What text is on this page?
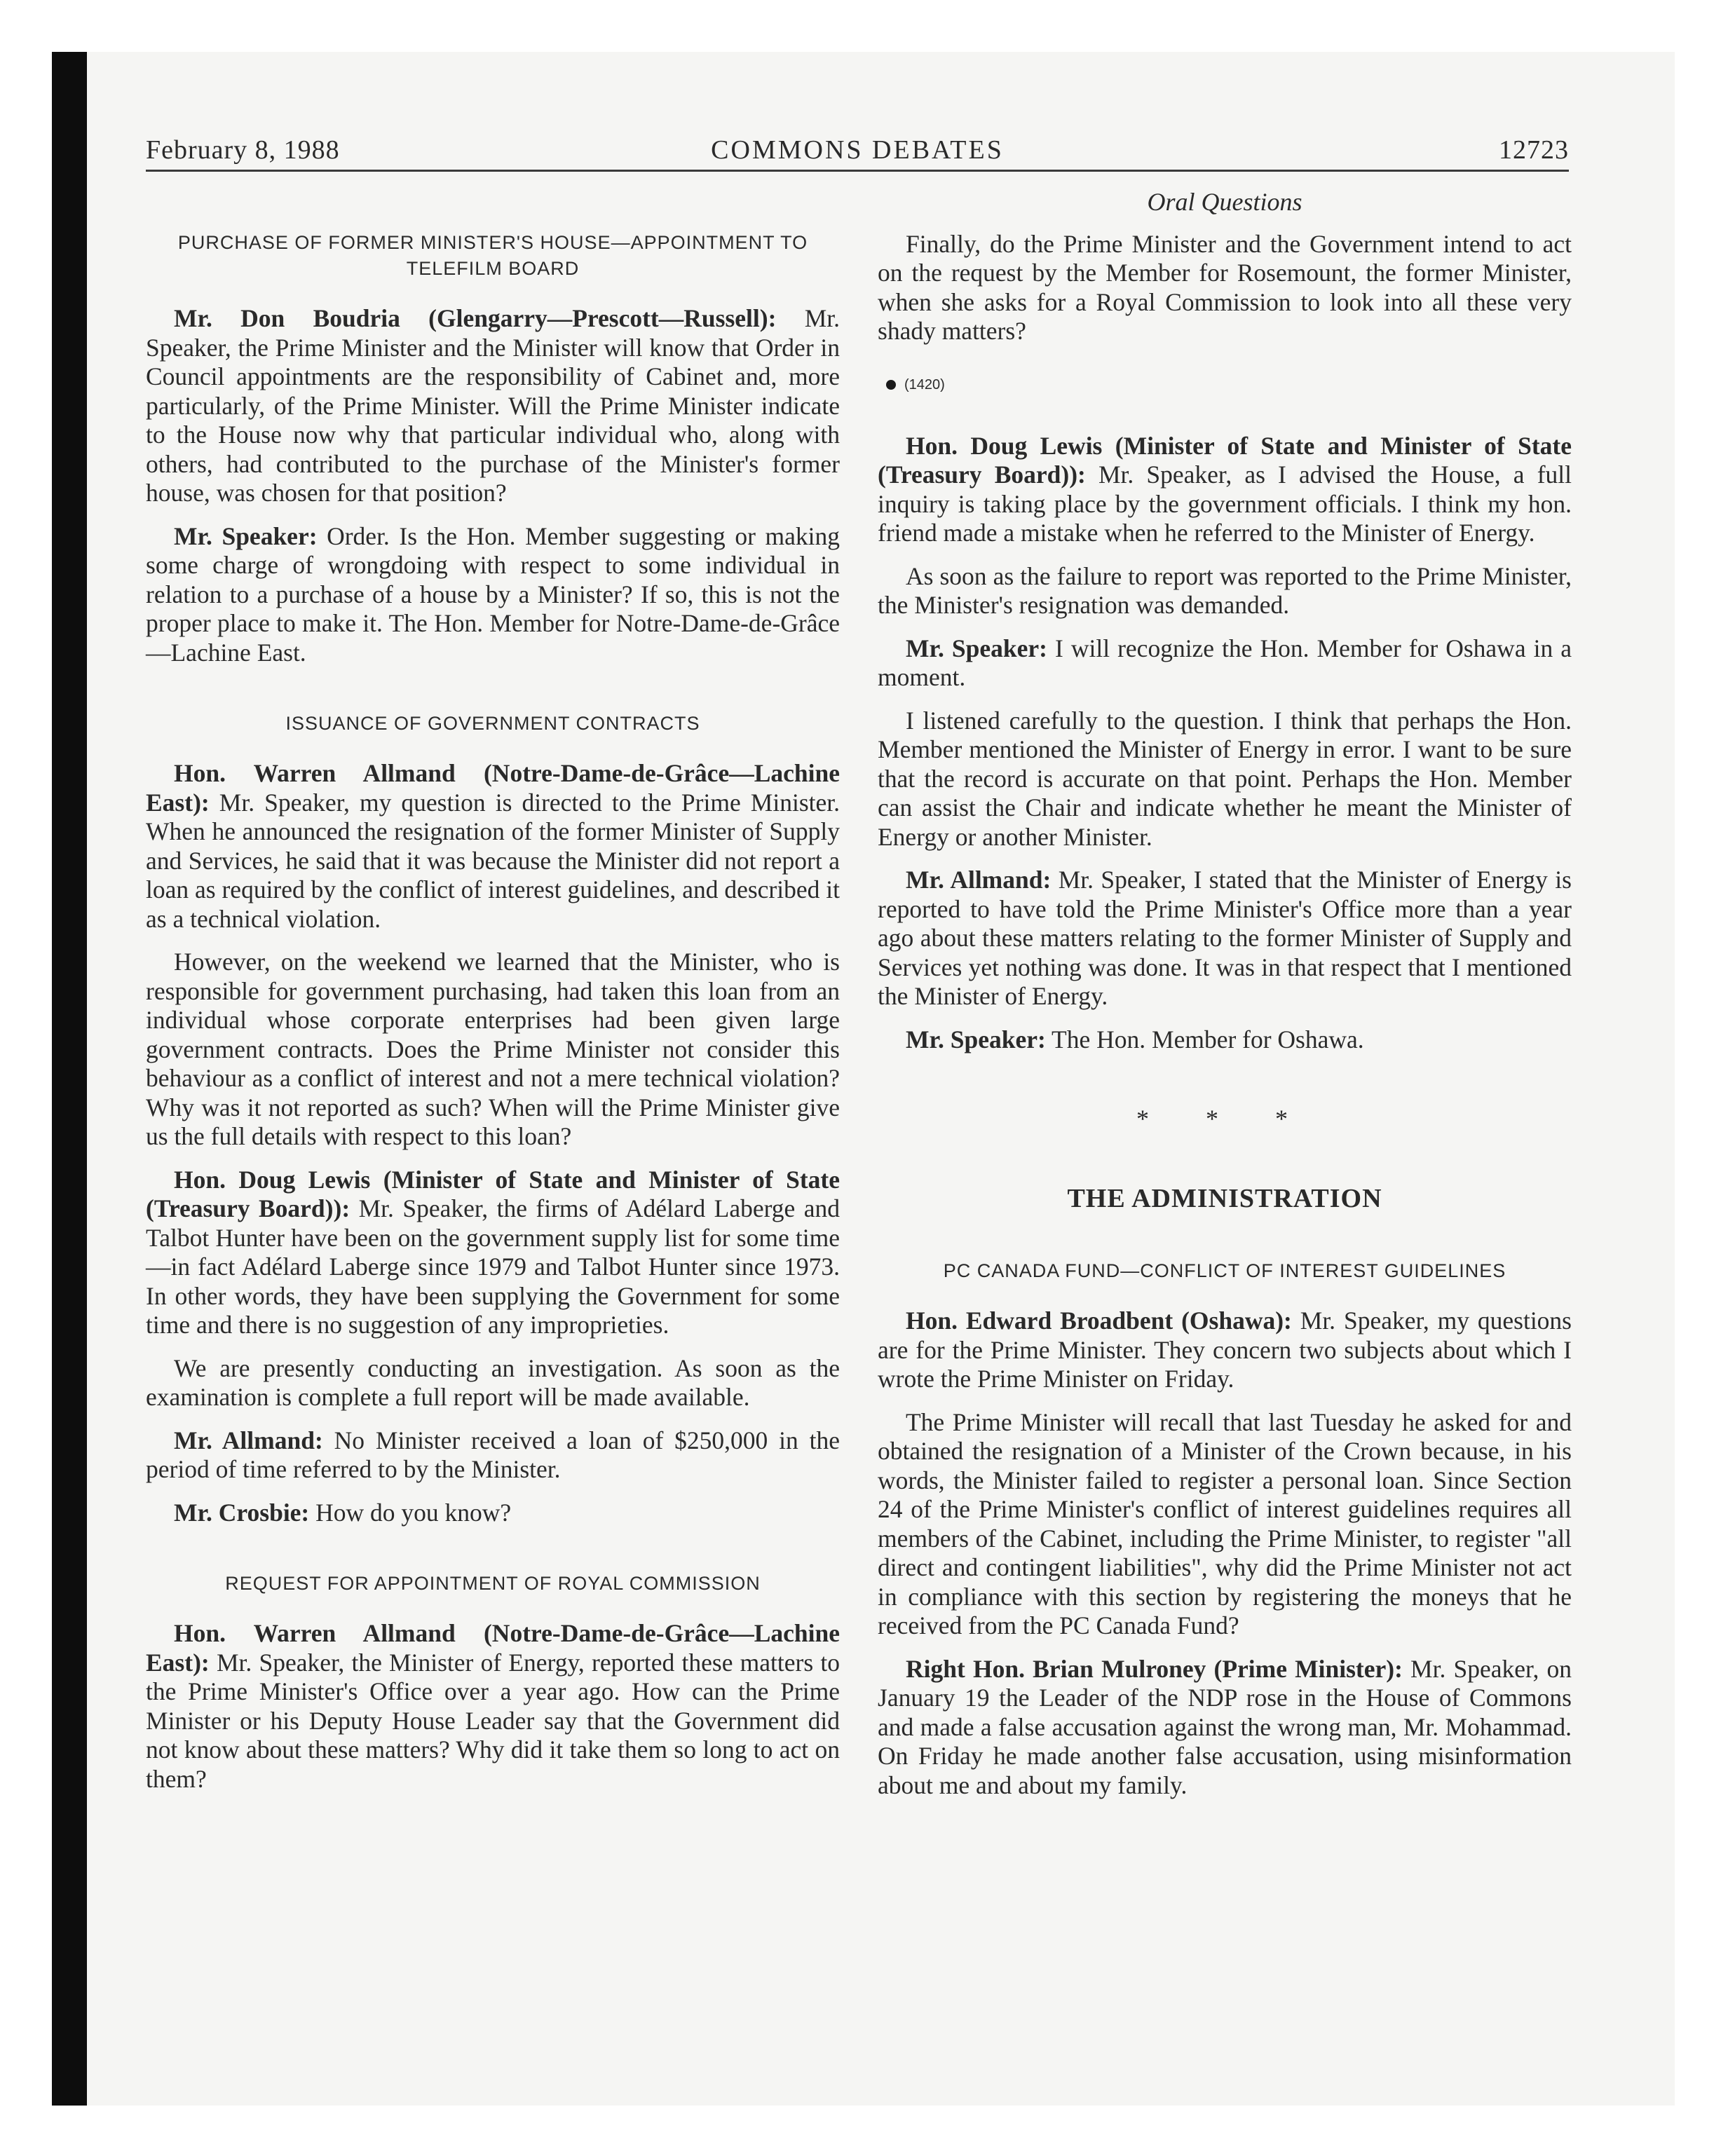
February 8, 1988	COMMONS DEBATES	12723
PURCHASE OF FORMER MINISTER'S HOUSE—APPOINTMENT TO TELEFILM BOARD

Mr. Don Boudria (Glengarry—Prescott—Russell): Mr. Speaker, the Prime Minister and the Minister will know that Order in Council appointments are the responsibility of Cabinet and, more particularly, of the Prime Minister. Will the Prime Minister indicate to the House now why that particular individual who, along with others, had contributed to the purchase of the Minister's former house, was chosen for that position?

Mr. Speaker: Order. Is the Hon. Member suggesting or making some charge of wrongdoing with respect to some individual in relation to a purchase of a house by a Minister? If so, this is not the proper place to make it. The Hon. Member for Notre-Dame-de-Grâce—Lachine East.

ISSUANCE OF GOVERNMENT CONTRACTS

Hon. Warren Allmand (Notre-Dame-de-Grâce—Lachine East): Mr. Speaker, my question is directed to the Prime Minister. When he announced the resignation of the former Minister of Supply and Services, he said that it was because the Minister did not report a loan as required by the conflict of interest guidelines, and described it as a technical violation.

However, on the weekend we learned that the Minister, who is responsible for government purchasing, had taken this loan from an individual whose corporate enterprises had been given large government contracts. Does the Prime Minister not consider this behaviour as a conflict of interest and not a mere technical violation? Why was it not reported as such? When will the Prime Minister give us the full details with respect to this loan?

Hon. Doug Lewis (Minister of State and Minister of State (Treasury Board)): Mr. Speaker, the firms of Adélard Laberge and Talbot Hunter have been on the government supply list for some time—in fact Adélard Laberge since 1979 and Talbot Hunter since 1973. In other words, they have been supplying the Government for some time and there is no suggestion of any improprieties.

We are presently conducting an investigation. As soon as the examination is complete a full report will be made available.

Mr. Allmand: No Minister received a loan of $250,000 in the period of time referred to by the Minister.

Mr. Crosbie: How do you know?

REQUEST FOR APPOINTMENT OF ROYAL COMMISSION

Hon. Warren Allmand (Notre-Dame-de-Grâce—Lachine East): Mr. Speaker, the Minister of Energy, reported these matters to the Prime Minister's Office over a year ago. How can the Prime Minister or his Deputy House Leader say that the Government did not know about these matters? Why did it take them so long to act on them?

Oral Questions

Finally, do the Prime Minister and the Government intend to act on the request by the Member for Rosemount, the former Minister, when she asks for a Royal Commission to look into all these very shady matters?

(1420)

Hon. Doug Lewis (Minister of State and Minister of State (Treasury Board)): Mr. Speaker, as I advised the House, a full inquiry is taking place by the government officials. I think my hon. friend made a mistake when he referred to the Minister of Energy.

As soon as the failure to report was reported to the Prime Minister, the Minister's resignation was demanded.

Mr. Speaker: I will recognize the Hon. Member for Oshawa in a moment.

I listened carefully to the question. I think that perhaps the Hon. Member mentioned the Minister of Energy in error. I want to be sure that the record is accurate on that point. Perhaps the Hon. Member can assist the Chair and indicate whether he meant the Minister of Energy or another Minister.

Mr. Allmand: Mr. Speaker, I stated that the Minister of Energy is reported to have told the Prime Minister's Office more than a year ago about these matters relating to the former Minister of Supply and Services yet nothing was done. It was in that respect that I mentioned the Minister of Energy.

Mr. Speaker: The Hon. Member for Oshawa.

* * *
THE ADMINISTRATION
PC CANADA FUND—CONFLICT OF INTEREST GUIDELINES

Hon. Edward Broadbent (Oshawa): Mr. Speaker, my questions are for the Prime Minister. They concern two subjects about which I wrote the Prime Minister on Friday.

The Prime Minister will recall that last Tuesday he asked for and obtained the resignation of a Minister of the Crown because, in his words, the Minister failed to register a personal loan. Since Section 24 of the Prime Minister's conflict of interest guidelines requires all members of the Cabinet, including the Prime Minister, to register "all direct and contingent liabilities", why did the Prime Minister not act in compliance with this section by registering the moneys that he received from the PC Canada Fund?

Right Hon. Brian Mulroney (Prime Minister): Mr. Speaker, on January 19 the Leader of the NDP rose in the House of Commons and made a false accusation against the wrong man, Mr. Mohammad. On Friday he made another false accusation, using misinformation about me and about my family.
